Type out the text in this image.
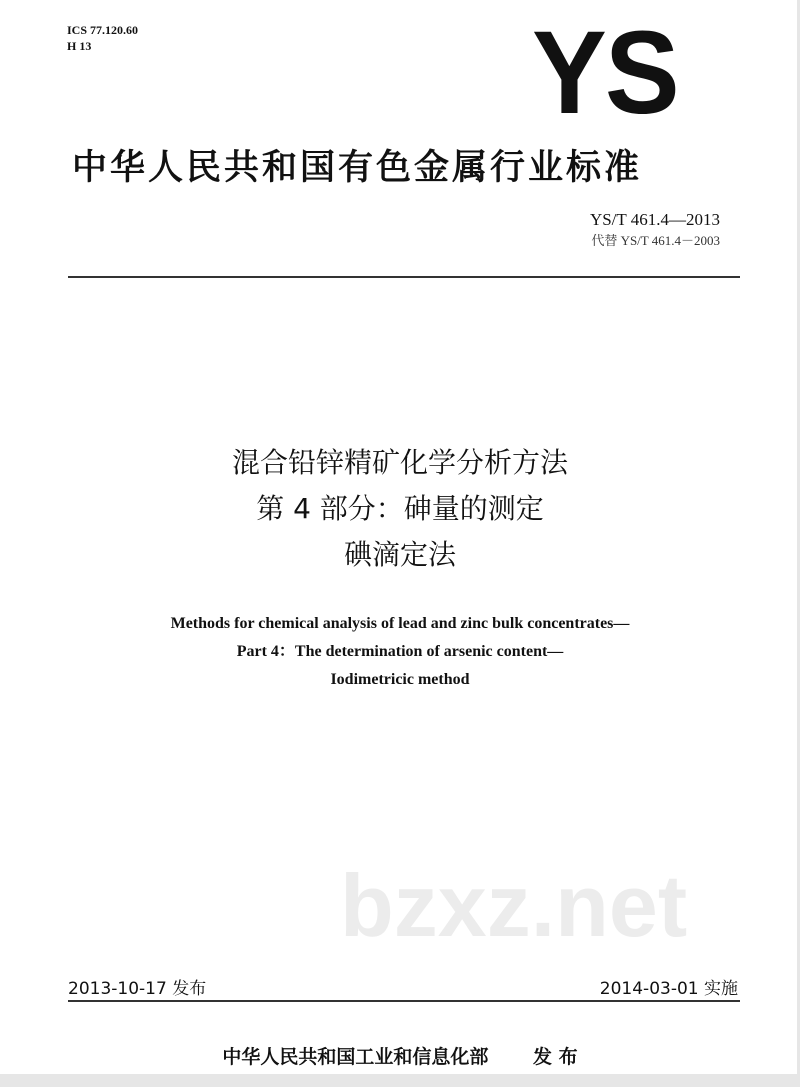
ICS 77.120.60
H 13	YS
中华人民共和国有色金属行业标准
YS/T 461.4—2013
代替 YS/T 461.4－2003
混合铅锌精矿化学分析方法
第 4 部分：砷量的测定
碘滴定法
Methods for chemical analysis of lead and zinc bulk concentrates—
Part 4：The determination of arsenic content—
Iodimetricic method
bzxz.net
2013-10-17 发布	2014-03-01 实施
中华人民共和国工业和信息化部 发 布
